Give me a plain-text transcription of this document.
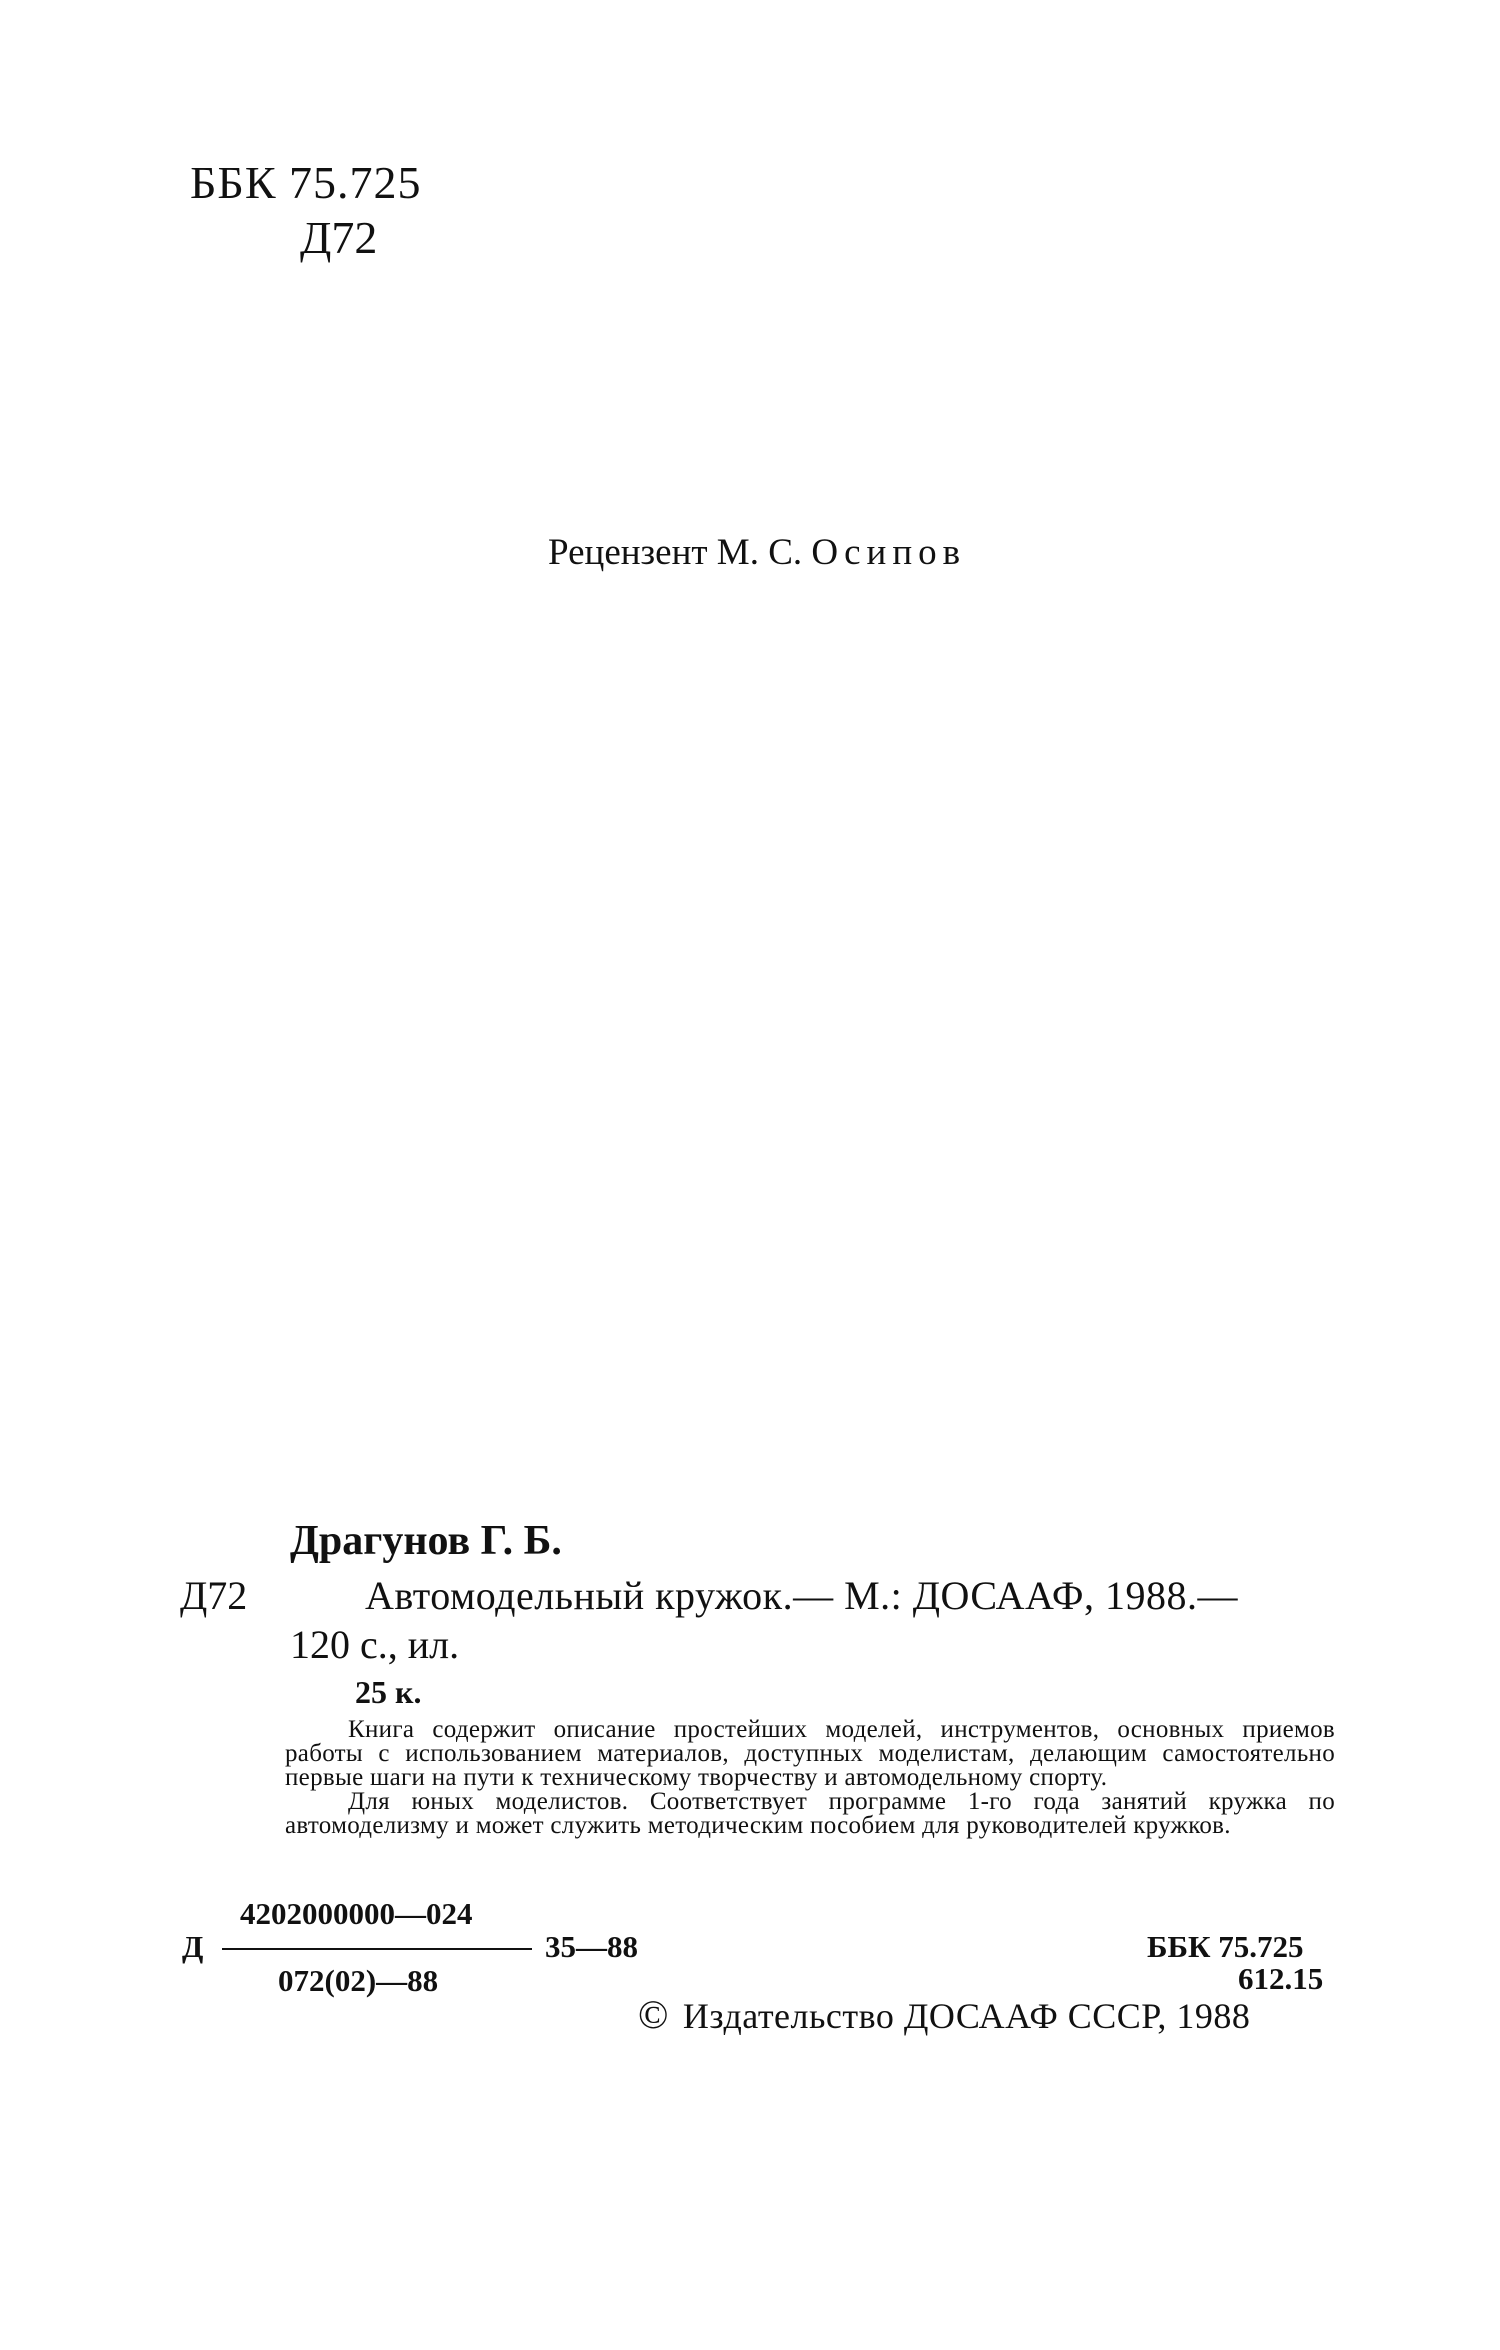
ББК 75.725
Д72
Рецензент М. С. Осипов
Драгунов Г. Б.
Д72	Автомодельный кружок.— М.: ДОСААФ, 1988.—
120 с., ил.
25 к.

Книга содержит описание простейших моделей, инструментов, основных приемов работы с использованием материалов, доступных моделистам, делающим самостоятельно первые шаги на пути к техническому творчеству и автомодельному спорту.

Для юных моделистов. Соответствует программе 1-го года занятий кружка по автомоделизму и может служить методическим пособием для руководителей кружков.

4202000000—024
Д	35—88
072(02)—88
ББК 75.725
612.15
© Издательство ДОСААФ СССР, 1988
